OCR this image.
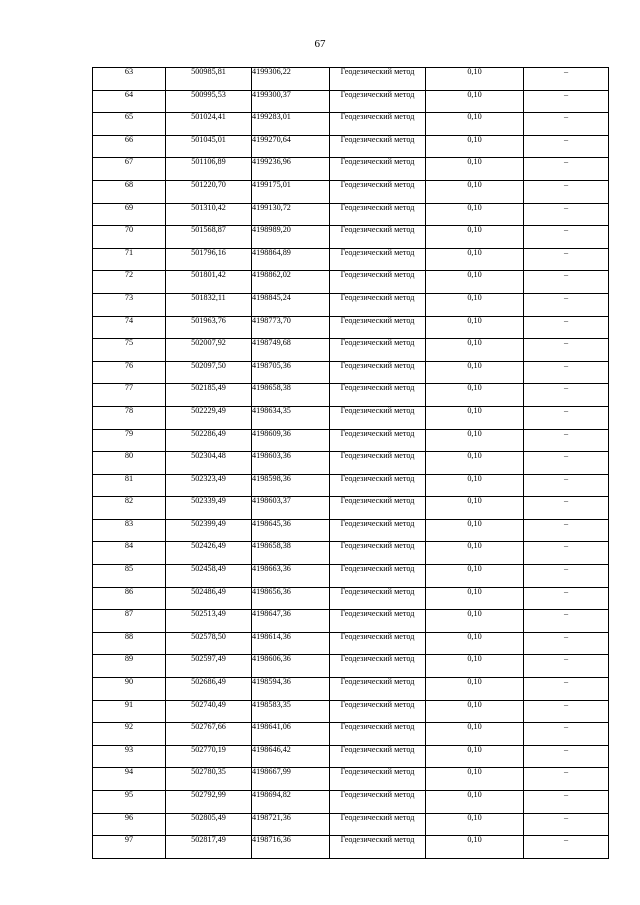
67
63	500985,81	4199306,22	Геодезический метод	0,10	–
64	500995,53	4199300,37	Геодезический метод	0,10	–
65	501024,41	4199283,01	Геодезический метод	0,10	–
66	501045,01	4199270,64	Геодезический метод	0,10	–
67	501106,89	4199236,96	Геодезический метод	0,10	–
68	501220,70	4199175,01	Геодезический метод	0,10	–
69	501310,42	4199130,72	Геодезический метод	0,10	–
70	501568,87	4198989,20	Геодезический метод	0,10	–
71	501796,16	4198864,89	Геодезический метод	0,10	–
72	501801,42	4198862,02	Геодезический метод	0,10	–
73	501832,11	4198845,24	Геодезический метод	0,10	–
74	501963,76	4198773,70	Геодезический метод	0,10	–
75	502007,92	4198749,68	Геодезический метод	0,10	–
76	502097,50	4198705,36	Геодезический метод	0,10	–
77	502185,49	4198658,38	Геодезический метод	0,10	–
78	502229,49	4198634,35	Геодезический метод	0,10	–
79	502286,49	4198609,36	Геодезический метод	0,10	–
80	502304,48	4198603,36	Геодезический метод	0,10	–
81	502323,49	4198598,36	Геодезический метод	0,10	–
82	502339,49	4198603,37	Геодезический метод	0,10	–
83	502399,49	4198645,36	Геодезический метод	0,10	–
84	502426,49	4198658,38	Геодезический метод	0,10	–
85	502458,49	4198663,36	Геодезический метод	0,10	–
86	502486,49	4198656,36	Геодезический метод	0,10	–
87	502513,49	4198647,36	Геодезический метод	0,10	–
88	502578,50	4198614,36	Геодезический метод	0,10	–
89	502597,49	4198606,36	Геодезический метод	0,10	–
90	502686,49	4198594,36	Геодезический метод	0,10	–
91	502740,49	4198583,35	Геодезический метод	0,10	–
92	502767,66	4198641,06	Геодезический метод	0,10	–
93	502770,19	4198646,42	Геодезический метод	0,10	–
94	502780,35	4198667,99	Геодезический метод	0,10	–
95	502792,99	4198694,82	Геодезический метод	0,10	–
96	502805,49	4198721,36	Геодезический метод	0,10	–
97	502817,49	4198716,36	Геодезический метод	0,10	–
